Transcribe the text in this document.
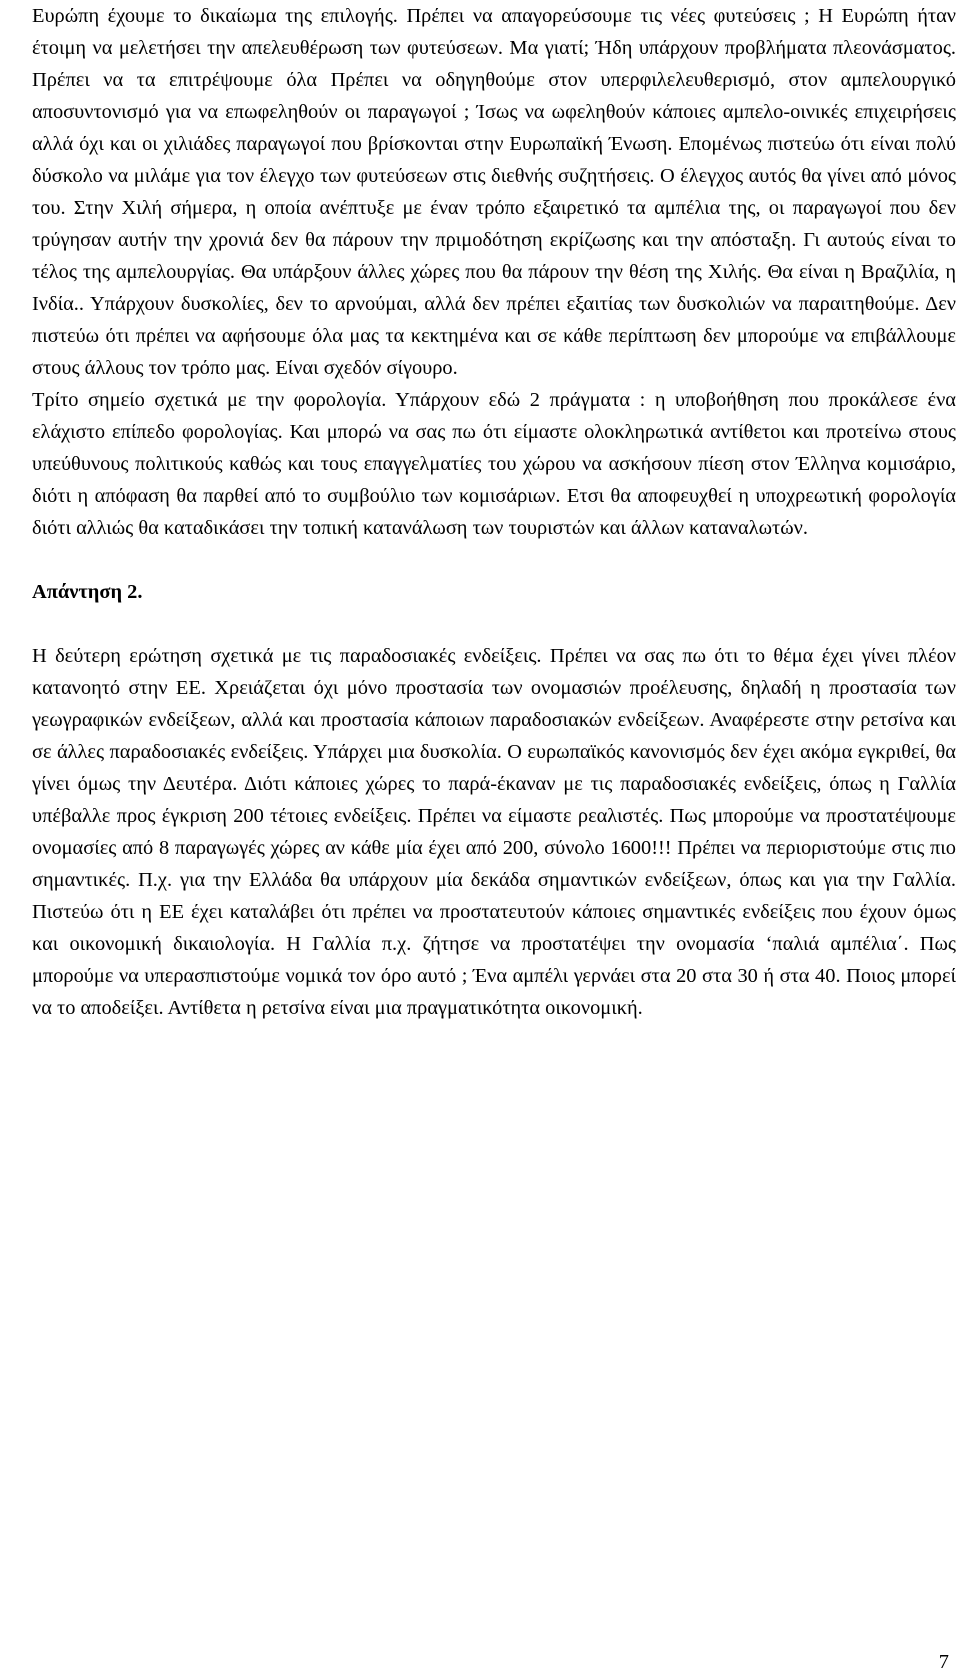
Ευρώπη έχουμε το δικαίωμα της επιλογής. Πρέπει να απαγορεύσουμε τις νέες φυτεύσεις ; Η Ευρώπη ήταν έτοιμη να μελετήσει την απελευθέρωση των φυτεύσεων. Μα γιατί; Ήδη υπάρχουν προβλήματα πλεονάσματος. Πρέπει να τα επιτρέψουμε όλα Πρέπει να οδηγηθούμε στον υπερφιλελευθερισμό, στον αμπελουργικό αποσυντονισμό για να επωφεληθούν οι παραγωγοί ; Ίσως να ωφεληθούν κάποιες αμπελο-οινικές επιχειρήσεις αλλά όχι και οι χιλιάδες παραγωγοί που βρίσκονται στην Ευρωπαϊκή Ένωση. Επομένως πιστεύω ότι είναι πολύ δύσκολο να μιλάμε για τον έλεγχο των φυτεύσεων στις διεθνής συζητήσεις. Ο έλεγχος αυτός θα γίνει από μόνος του. Στην Χιλή σήμερα, η οποία ανέπτυξε με έναν τρόπο εξαιρετικό τα αμπέλια της, οι παραγωγοί που δεν τρύγησαν αυτήν την χρονιά δεν θα πάρουν την πριμοδότηση εκρίζωσης και την απόσταξη. Γι αυτούς είναι το τέλος της αμπελουργίας. Θα υπάρξουν άλλες χώρες που θα πάρουν την θέση της Χιλής. Θα είναι η Βραζιλία, η Ινδία.. Υπάρχουν δυσκολίες, δεν το αρνούμαι, αλλά δεν πρέπει εξαιτίας των δυσκολιών να παραιτηθούμε. Δεν πιστεύω ότι πρέπει να αφήσουμε όλα μας τα κεκτημένα και σε κάθε περίπτωση δεν μπορούμε να επιβάλλουμε στους άλλους τον τρόπο μας. Είναι σχεδόν σίγουρο.

Τρίτο σημείο σχετικά με την φορολογία. Υπάρχουν εδώ 2 πράγματα : η υποβοήθηση που προκάλεσε ένα ελάχιστο επίπεδο φορολογίας. Και μπορώ να σας πω ότι είμαστε ολοκληρωτικά αντίθετοι και προτείνω στους υπεύθυνους πολιτικούς καθώς και τους επαγγελματίες του χώρου να ασκήσουν πίεση στον Έλληνα κομισάριο, διότι η απόφαση θα παρθεί από το συμβούλιο των κομισάριων. Ετσι θα αποφευχθεί η υποχρεωτική φορολογία διότι αλλιώς θα καταδικάσει την τοπική κατανάλωση των τουριστών και άλλων καταναλωτών.

Απάντηση 2.

Η δεύτερη ερώτηση σχετικά με τις παραδοσιακές ενδείξεις. Πρέπει να σας πω ότι το θέμα έχει γίνει πλέον κατανοητό στην ΕΕ. Χρειάζεται όχι μόνο προστασία των ονομασιών προέλευσης, δηλαδή η προστασία των γεωγραφικών ενδείξεων, αλλά και προστασία κάποιων παραδοσιακών ενδείξεων. Αναφέρεστε στην ρετσίνα και σε άλλες παραδοσιακές ενδείξεις. Υπάρχει μια δυσκολία. Ο ευρωπαϊκός κανονισμός δεν έχει ακόμα εγκριθεί, θα γίνει όμως την Δευτέρα. Διότι κάποιες χώρες το παρά-έκαναν με τις παραδοσιακές ενδείξεις, όπως η Γαλλία υπέβαλλε προς έγκριση 200 τέτοιες ενδείξεις. Πρέπει να είμαστε ρεαλιστές. Πως μπορούμε να προστατέψουμε ονομασίες από 8 παραγωγές χώρες αν κάθε μία έχει από 200, σύνολο 1600!!! Πρέπει να περιοριστούμε στις πιο σημαντικές. Π.χ. για την Ελλάδα θα υπάρχουν μία δεκάδα σημαντικών ενδείξεων, όπως και για την Γαλλία. Πιστεύω ότι η ΕΕ έχει καταλάβει ότι πρέπει να προστατευτούν κάποιες σημαντικές ενδείξεις που έχουν όμως και οικονομική δικαιολογία. Η Γαλλία π.χ. ζήτησε να προστατέψει την ονομασία ‘παλιά αμπέλια΄. Πως μπορούμε να υπερασπιστούμε νομικά τον όρο αυτό ; Ένα αμπέλι γερνάει στα 20 στα 30 ή στα 40. Ποιος μπορεί να το αποδείξει. Αντίθετα η ρετσίνα είναι μια πραγματικότητα οικονομική.

7
